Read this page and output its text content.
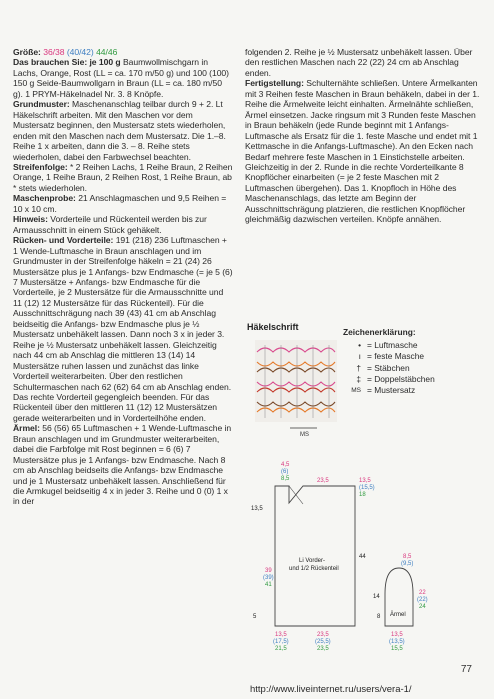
Größe: 36/38 (40/42) 44/46

Das brauchen Sie: je 100 g Baumwollmischgarn in Lachs, Orange, Rost (LL = ca. 170 m/50 g) und 100 (100) 150 g Seide-Baumwollgarn in Braun (LL = ca. 180 m/50 g). 1 PRYM-Häkelnadel Nr. 3. 8 Knöpfe.

Grundmuster: Maschenanschlag teilbar durch 9 + 2. Lt Häkelschrift arbeiten. Mit den Maschen vor dem Mustersatz beginnen, den Mustersatz stets wiederholen, enden mit den Maschen nach dem Mustersatz. Die 1.–8. Reihe 1 x arbeiten, dann die 3. – 8. Reihe stets wiederholen, dabei den Farbwechsel beachten.

Streifenfolge: * 2 Reihen Lachs, 1 Reihe Braun, 2 Reihen Orange, 1 Reihe Braun, 2 Reihen Rost, 1 Reihe Braun, ab * stets wiederholen.

Maschenprobe: 21 Anschlagmaschen und 9,5 Reihen = 10 x 10 cm.

Hinweis: Vorderteile und Rückenteil werden bis zur Armausschnitt in einem Stück gehäkelt.

Rücken- und Vorderteile: 191 (218) 236 Luftmaschen + 1 Wende-Luftmasche in Braun anschlagen und im Grundmuster in der Streifenfolge häkeln = 21 (24) 26 Mustersätze plus je 1 Anfangs- bzw Endmasche (= je 5 (6) 7 Mustersätze + Anfangs- bzw Endmasche für die Vorderteile, je 2 Mustersätze für die Armausschnitte und 11 (12) 12 Mustersätze für das Rückenteil). Für die Ausschnittschrägung nach 39 (43) 41 cm ab Anschlag beidseitig die Anfangs- bzw Endmasche plus je ½ Mustersatz unbehäkelt lassen. Dann noch 3 x in jeder 3. Reihe je ½ Mustersatz unbehäkelt lassen. Gleichzeitig nach 44 cm ab Anschlag die mittleren 13 (14) 14 Mustersätze ruhen lassen und zunächst das linke Vorderteil weiterarbeiten. Über den restlichen Schultermaschen nach 62 (62) 64 cm ab Anschlag enden. Das rechte Vorderteil gegengleich beenden. Für das Rückenteil über den mittleren 11 (12) 12 Mustersätzen gerade weiterarbeiten und in Vorderteilhöhe enden.

Ärmel: 56 (56) 65 Luftmaschen + 1 Wende-Luftmasche in Braun anschlagen und im Grundmuster weiterarbeiten, dabei die Farbfolge mit Rost beginnen = 6 (6) 7 Mustersätze plus je 1 Anfangs- bzw Endmasche. Nach 8 cm ab Anschlag beidseits die Anfangs- bzw Endmasche und je 1 Mustersatz unbehäkelt lassen. Anschließend für die Armkugel beidseitig 4 x in jeder 3. Reihe und 0 (0) 1 x in der

folgenden 2. Reihe je ½ Mustersatz unbehäkelt lassen. Über den restlichen Maschen nach 22 (22) 24 cm ab Anschlag enden.

Fertigstellung: Schulternähte schließen. Untere Ärmelkanten mit 3 Reihen feste Maschen in Braun behäkeln, dabei in der 1. Reihe die Ärmelweite leicht einhalten. Ärmelnähte schließen, Ärmel einsetzen. Jacke ringsum mit 3 Runden feste Maschen in Braun behäkeln (jede Runde beginnt mit 1 Anfangs-Luftmasche als Ersatz für die 1. feste Masche und endet mit 1 Kettmasche in die Anfangs-Luftmasche). An den Ecken nach Bedarf mehrere feste Maschen in 1 Einstichstelle arbeiten. Gleichzeitig in der 2. Runde in die rechte Vorderteilkante 8 Knopflöcher einarbeiten (= je 2 feste Maschen mit 2 Luftmaschen übergehen). Das 1. Knopfloch in Höhe des Maschenanschlags, das letzte am Beginn der Ausschnittschrägung platzieren, die restlichen Knopflöcher gleichmäßig dazwischen verteilen. Knöpfe annähen.

Häkelschrift
MS
Zeichenerklärung:
• = Luftmasche
ı = feste Masche
† = Stäbchen
‡ = Doppelstäbchen
MS = Mustersatz
Li Vorder-
und 1/2 Rückenteil
4,5
(6)
8,5	23,5	13,5
(15,5)
18
13,5
39
(39)
41
44
5
13,5
(17,5)
21,5
23,5
(25,5)
23,5
Ärmel
8,5
(9,5)
22
(22)
24
14
8
13,5
(13,5)
15,5
77
http://www.liveinternet.ru/users/vera-1/
